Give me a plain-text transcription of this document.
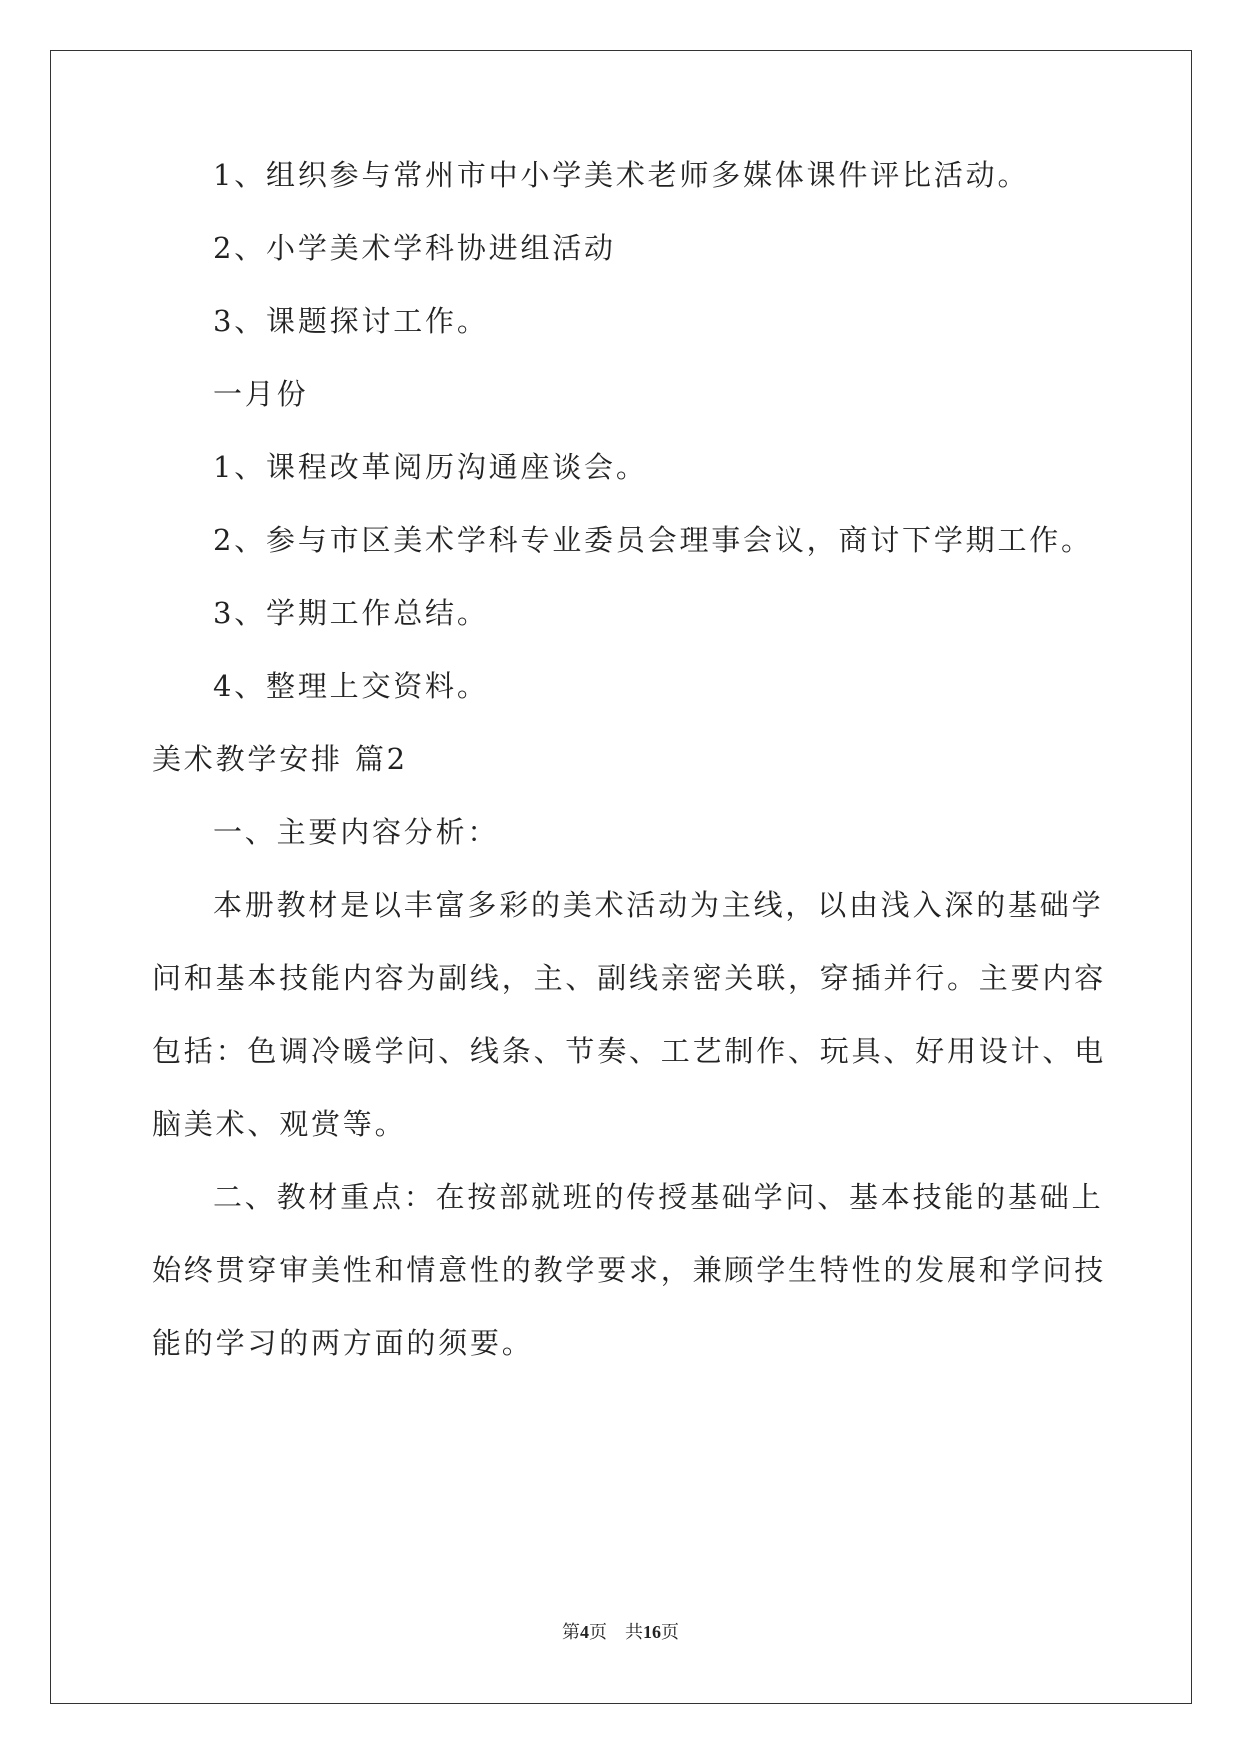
1、组织参与常州市中小学美术老师多媒体课件评比活动。
2、小学美术学科协进组活动
3、课题探讨工作。
一月份
1、课程改革阅历沟通座谈会。
2、参与市区美术学科专业委员会理事会议，商讨下学期工作。
3、学期工作总结。
4、整理上交资料。
美术教学安排 篇2
一、主要内容分析：
本册教材是以丰富多彩的美术活动为主线，以由浅入深的基础学
问和基本技能内容为副线，主、副线亲密关联，穿插并行。主要内容
包括：色调冷暖学问、线条、节奏、工艺制作、玩具、好用设计、电
脑美术、观赏等。
二、教材重点：在按部就班的传授基础学问、基本技能的基础上
始终贯穿审美性和情意性的教学要求，兼顾学生特性的发展和学问技
能的学习的两方面的须要。
第4页　共16页
